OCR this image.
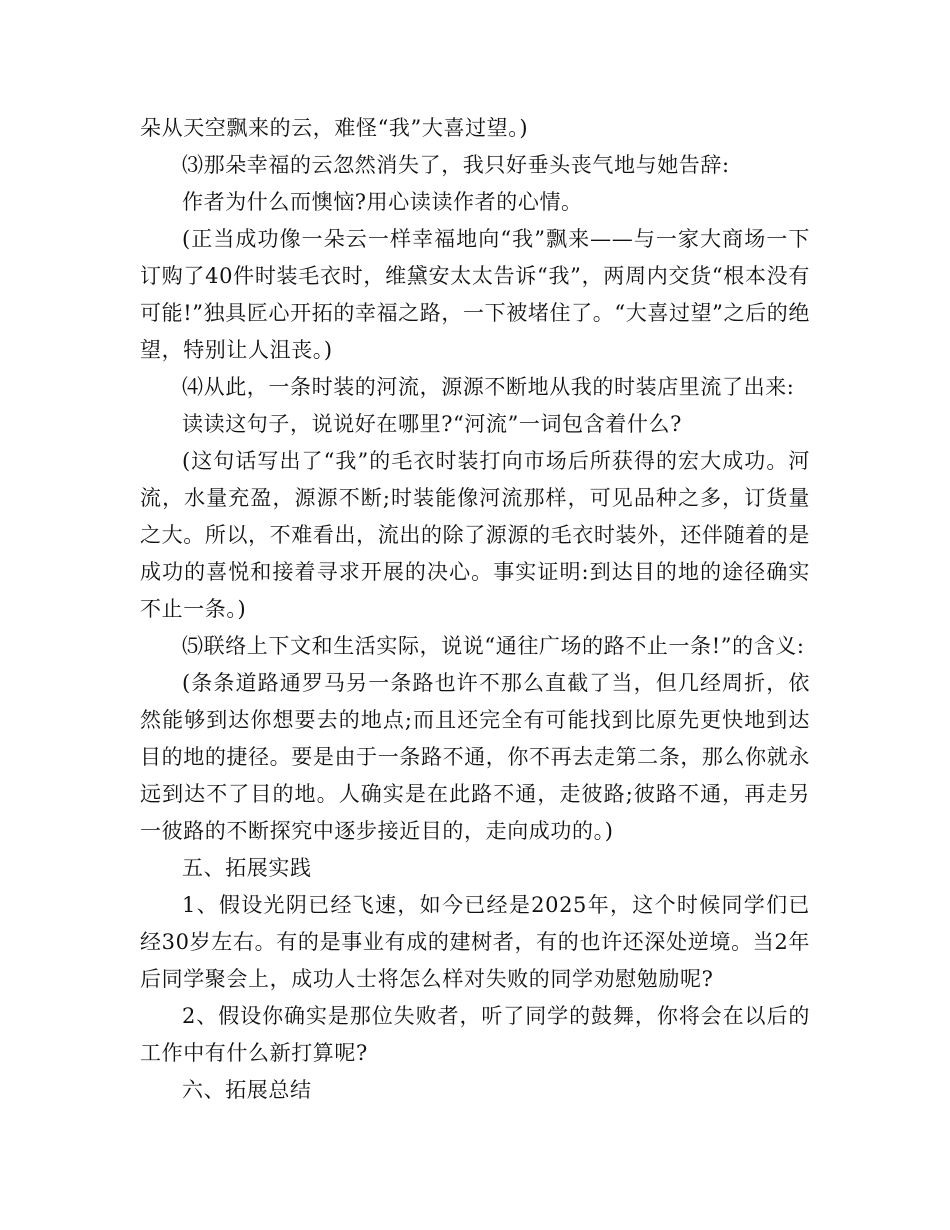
朵从天空飘来的云，难怪“我”大喜过望。)

⑶那朵幸福的云忽然消失了，我只好垂头丧气地与她告辞:

作者为什么而懊恼?用心读读作者的心情。

(正当成功像一朵云一样幸福地向“我”飘来——与一家大商场一下订购了40件时装毛衣时，维黛安太太告诉“我”，两周内交货“根本没有可能!”独具匠心开拓的幸福之路，一下被堵住了。“大喜过望”之后的绝望，特别让人沮丧。)

⑷从此，一条时装的河流，源源不断地从我的时装店里流了出来:

读读这句子，说说好在哪里?“河流”一词包含着什么?

(这句话写出了“我”的毛衣时装打向市场后所获得的宏大成功。河流，水量充盈，源源不断;时装能像河流那样，可见品种之多，订货量之大。所以，不难看出，流出的除了源源的毛衣时装外，还伴随着的是成功的喜悦和接着寻求开展的决心。事实证明:到达目的地的途径确实不止一条。)

⑸联络上下文和生活实际，说说“通往广场的路不止一条!”的含义:

(条条道路通罗马另一条路也许不那么直截了当，但几经周折，依然能够到达你想要去的地点;而且还完全有可能找到比原先更快地到达目的地的捷径。要是由于一条路不通，你不再去走第二条，那么你就永远到达不了目的地。人确实是在此路不通，走彼路;彼路不通，再走另一彼路的不断探究中逐步接近目的，走向成功的。)

五、拓展实践

1、假设光阴已经飞速，如今已经是2025年，这个时候同学们已经30岁左右。有的是事业有成的建树者，有的也许还深处逆境。当2年后同学聚会上，成功人士将怎么样对失败的同学劝慰勉励呢?

2、假设你确实是那位失败者，听了同学的鼓舞，你将会在以后的工作中有什么新打算呢?

六、拓展总结
